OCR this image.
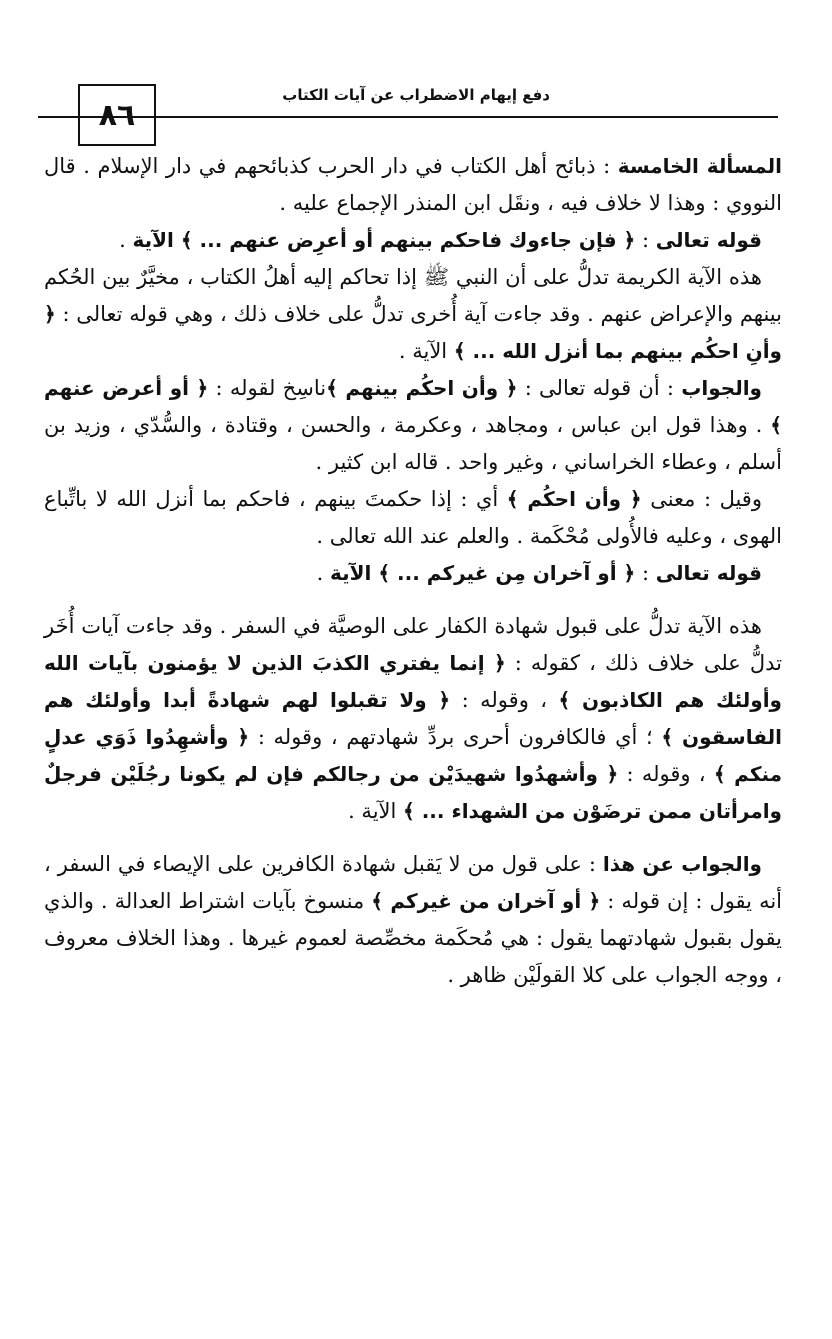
٨٦
دفع إيهام الاضطراب عن آيات الكتاب

المسألة الخامسة : ذبائح أهل الكتاب في دار الحرب كذبائحهم في دار الإسلام . قال النووي : وهذا لا خلاف فيه ، ونقَل ابن المنذر الإجماع عليه .

قوله تعالى : ﴿ فإن جاءوك فاحكم بينهم أو أعرِض عنهم ... ﴾ الآية .

هذه الآية الكريمة تدلُّ على أن النبي ﷺ إذا تحاكم إليه أهلُ الكتاب ، مخيَّرٌ بين الحُكم بينهم والإعراض عنهم . وقد جاءت آية أُخرى تدلُّ على خلاف ذلك ، وهي قوله تعالى : ﴿ وأنِ احكُم بينهم بما أنزل الله ... ﴾ الآية .

والجواب : أن قوله تعالى : ﴿ وأن احكُم بينهم ﴾ناسِخ لقوله : ﴿ أو أعرض عنهم ﴾ . وهذا قول ابن عباس ، ومجاهد ، وعكرمة ، والحسن ، وقتادة ، والسُّدّي ، وزيد بن أسلم ، وعطاء الخراساني ، وغير واحد . قاله ابن كثير .

وقيل : معنى ﴿ وأن احكُم ﴾ أي : إذا حكمتَ بينهم ، فاحكم بما أنزل الله لا باتِّباع الهوى ، وعليه فالأُولى مُحْكَمة . والعلم عند الله تعالى .

قوله تعالى : ﴿ أو آخران مِن غيركم ... ﴾ الآية .

هذه الآية تدلُّ على قبول شهادة الكفار على الوصيَّة في السفر . وقد جاءت آيات أُخَر تدلُّ على خلاف ذلك ، كقوله : ﴿ إنما يفتري الكذبَ الذين لا يؤمنون بآيات الله وأولئك هم الكاذبون ﴾ ، وقوله : ﴿ ولا تقبلوا لهم شهادةً أبدا وأولئك هم الفاسقون ﴾ ؛ أي فالكافرون أحرى بردِّ شهادتهم ، وقوله : ﴿ وأشهِدُوا ذَوَي عدلٍ منكم ﴾ ، وقوله : ﴿ وأشهدُوا شهيدَيْن من رجالكم فإن لم يكونا رجُلَيْن فرجلٌ وامرأتان ممن ترضَوْن من الشهداء ... ﴾ الآية .

والجواب عن هذا : على قول من لا يَقبل شهادة الكافرين على الإيصاء في السفر ، أنه يقول : إن قوله : ﴿ أو آخران من غيركم ﴾ منسوخ بآيات اشتراط العدالة . والذي يقول بقبول شهادتهما يقول : هي مُحكَمة مخصِّصة لعموم غيرها . وهذا الخلاف معروف ، ووجه الجواب على كلا القولَيْن ظاهر .
